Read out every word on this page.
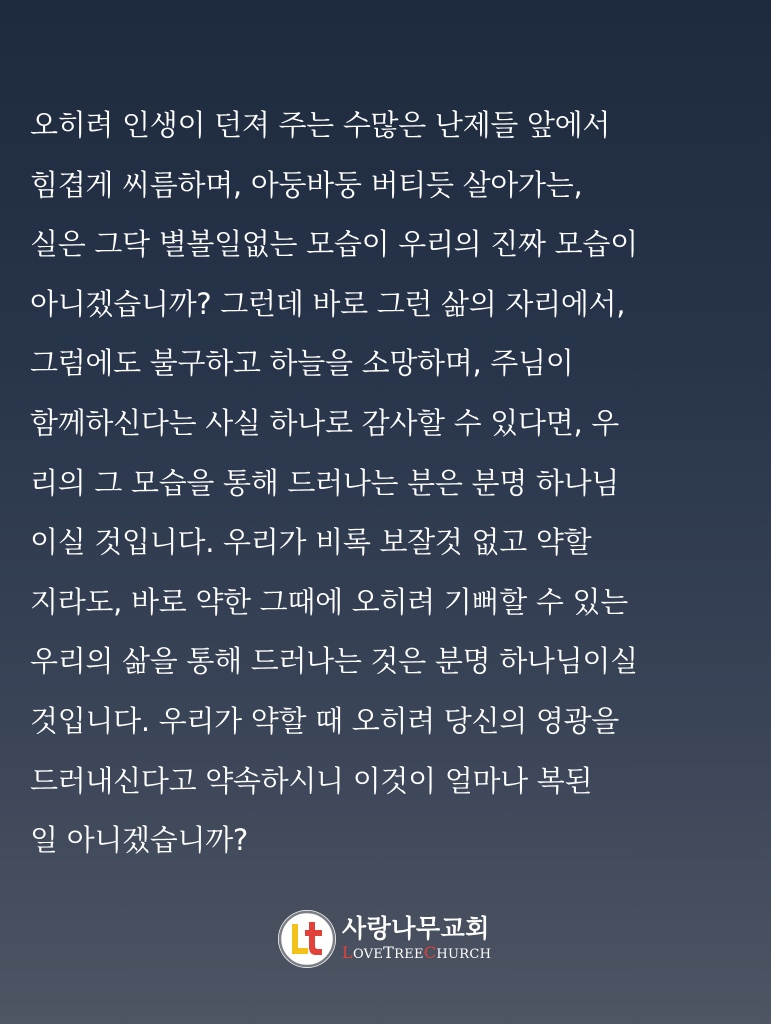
오히려 인생이 던져 주는 수많은 난제들 앞에서
힘겹게 씨름하며, 아둥바둥 버티듯 살아가는,
실은 그닥 별볼일없는 모습이 우리의 진짜 모습이
아니겠습니까? 그런데 바로 그런 삶의 자리에서,
그럼에도 불구하고 하늘을 소망하며, 주님이
함께하신다는 사실 하나로 감사할 수 있다면, 우
리의 그 모습을 통해 드러나는 분은 분명 하나님
이실 것입니다. 우리가 비록 보잘것 없고 약할
지라도, 바로 약한 그때에 오히려 기뻐할 수 있는
우리의 삶을 통해 드러나는 것은 분명 하나님이실
것입니다. 우리가 약할 때 오히려 당신의 영광을
드러내신다고 약속하시니 이것이 얼마나 복된
일 아니겠습니까?
사랑나무교회
LOVETREECHURCH
